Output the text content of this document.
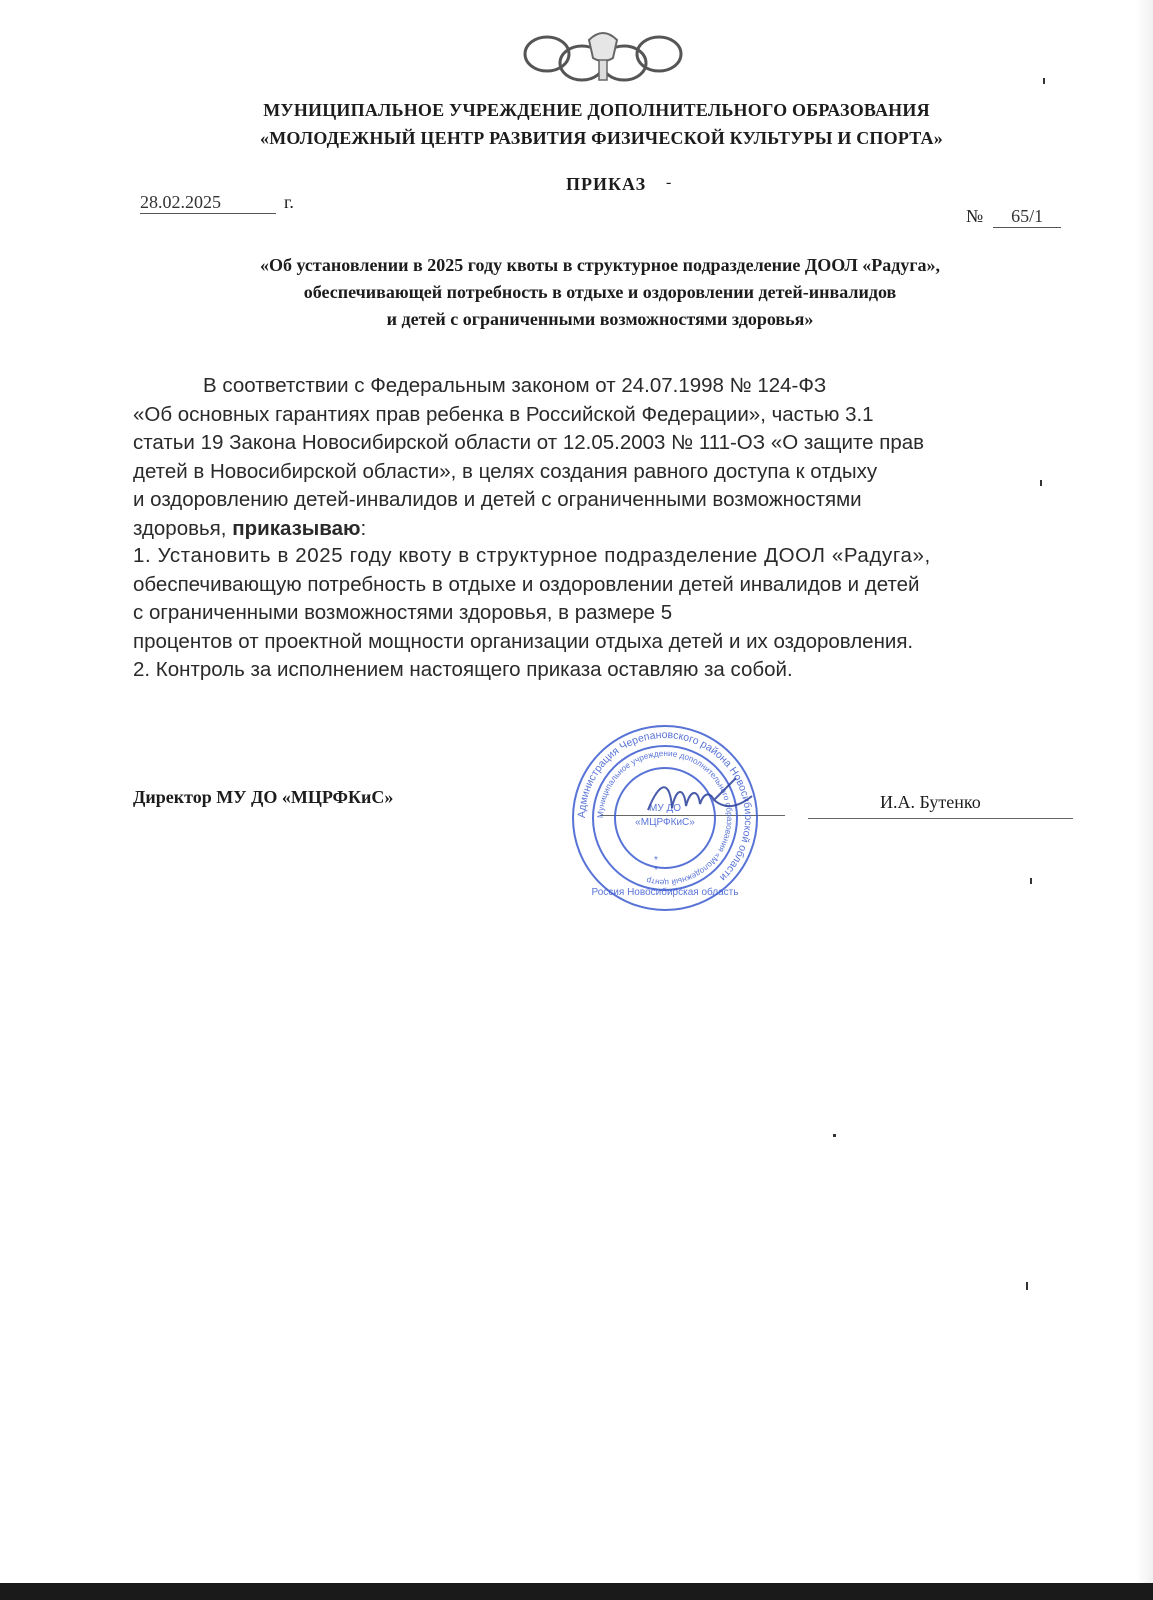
МУНИЦИПАЛЬНОЕ УЧРЕЖДЕНИЕ ДОПОЛНИТЕЛЬНОГО ОБРАЗОВАНИЯ
«МОЛОДЕЖНЫЙ ЦЕНТР РАЗВИТИЯ ФИЗИЧЕСКОЙ КУЛЬТУРЫ И СПОРТА»
ПРИКАЗ -
28.02.2025	г.
№ 65/1
«Об установлении в 2025 году квоты в структурное подразделение ДООЛ «Радуга»,
обеспечивающей потребность в отдыхе и оздоровлении детей-инвалидов
и детей с ограниченными возможностями здоровья»
В соответствии с Федеральным законом от 24.07.1998 № 124-ФЗ
«Об основных гарантиях прав ребенка в Российской Федерации», частью 3.1
статьи 19 Закона Новосибирской области от 12.05.2003 № 111-ОЗ «О защите прав
детей в Новосибирской области», в целях создания равного доступа к отдыху
и оздоровлению детей-инвалидов и детей с ограниченными возможностями
здоровья, приказываю:
1. Установить в 2025 году квоту в структурное подразделение ДООЛ «Радуга»,
обеспечивающую потребность в отдыхе и оздоровлении детей инвалидов и детей
с ограниченными возможностями здоровья, в размере 5
процентов от проектной мощности организации отдыха детей и их оздоровления.
2. Контроль за исполнением настоящего приказа оставляю за собой.
Директор МУ ДО «МЦРФКиС»	И.А. Бутенко
Администрация Черепановского района Новосибирской области
Муниципальное учреждение дополнительного образования «Молодежный центр
МУ ДО
«МЦРФКиС»
Россия Новосибирская область
*
*
